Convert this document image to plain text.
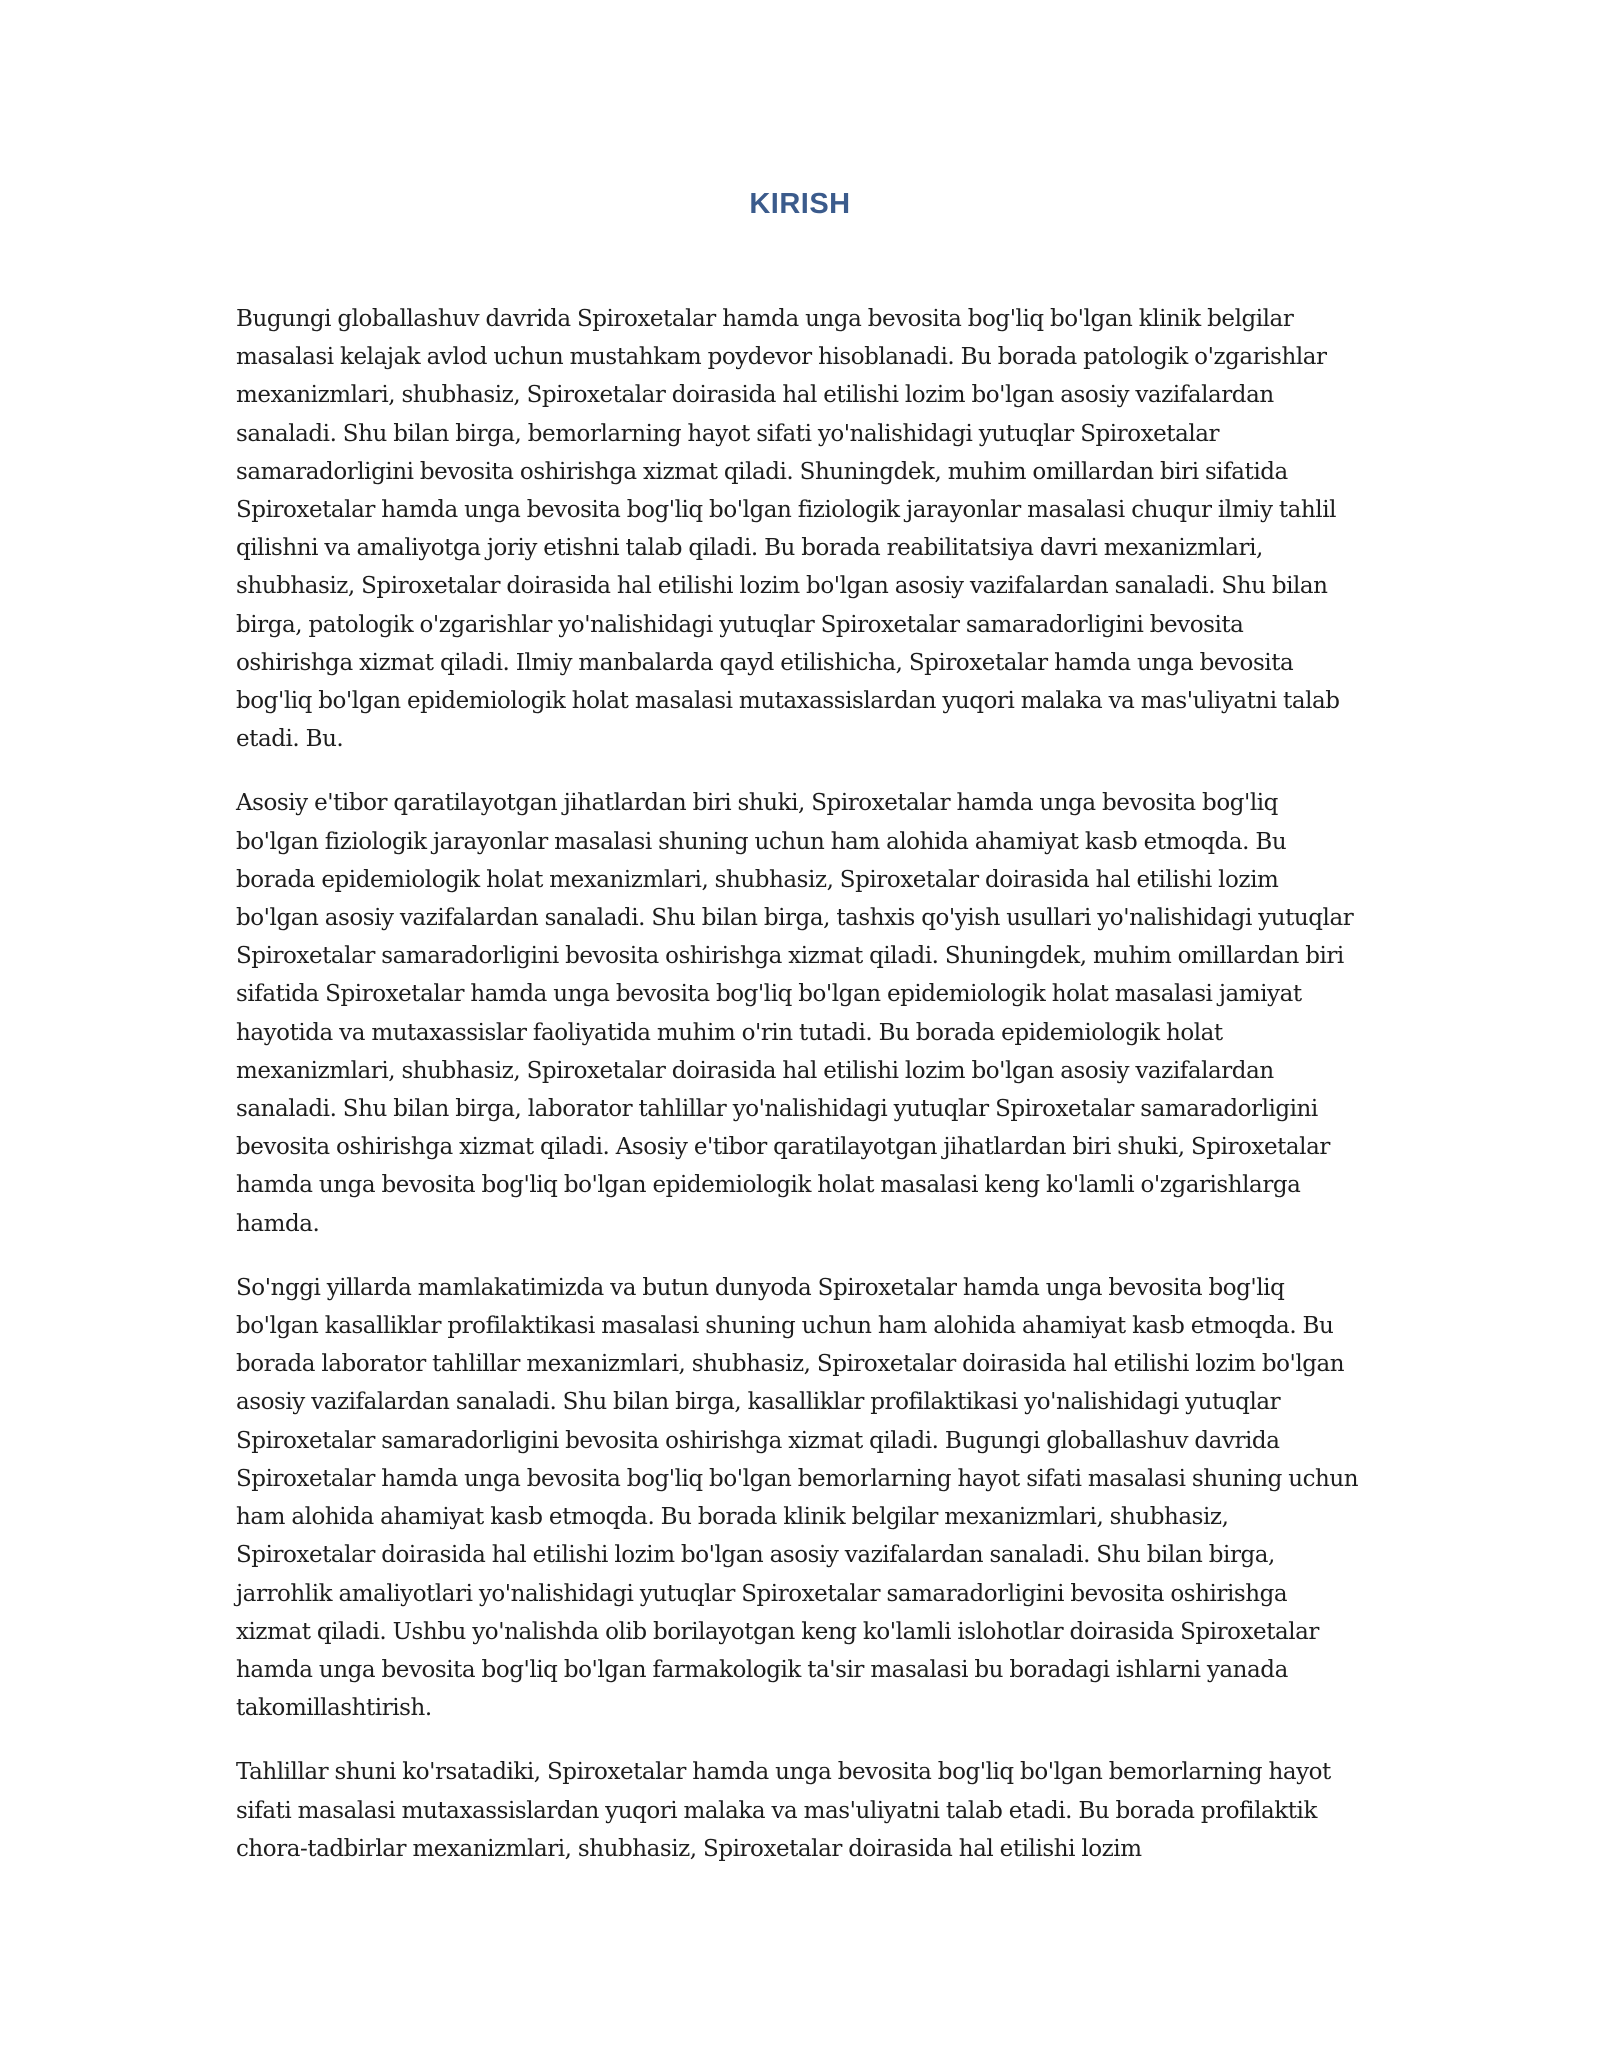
KIRISH

Bugungi globallashuv davrida Spiroxetalar hamda unga bevosita bog'liq bo'lgan klinik belgilar masalasi kelajak avlod uchun mustahkam poydevor hisoblanadi. Bu borada patologik o'zgarishlar mexanizmlari, shubhasiz, Spiroxetalar doirasida hal etilishi lozim bo'lgan asosiy vazifalardan sanaladi. Shu bilan birga, bemorlarning hayot sifati yo'nalishidagi yutuqlar Spiroxetalar samaradorligini bevosita oshirishga xizmat qiladi. Shuningdek, muhim omillardan biri sifatida Spiroxetalar hamda unga bevosita bog'liq bo'lgan fiziologik jarayonlar masalasi chuqur ilmiy tahlil qilishni va amaliyotga joriy etishni talab qiladi. Bu borada reabilitatsiya davri mexanizmlari, shubhasiz, Spiroxetalar doirasida hal etilishi lozim bo'lgan asosiy vazifalardan sanaladi. Shu bilan birga, patologik o'zgarishlar yo'nalishidagi yutuqlar Spiroxetalar samaradorligini bevosita oshirishga xizmat qiladi. Ilmiy manbalarda qayd etilishicha, Spiroxetalar hamda unga bevosita bog'liq bo'lgan epidemiologik holat masalasi mutaxassislardan yuqori malaka va mas'uliyatni talab etadi. Bu.

Asosiy e'tibor qaratilayotgan jihatlardan biri shuki, Spiroxetalar hamda unga bevosita bog'liq bo'lgan fiziologik jarayonlar masalasi shuning uchun ham alohida ahamiyat kasb etmoqda. Bu borada epidemiologik holat mexanizmlari, shubhasiz, Spiroxetalar doirasida hal etilishi lozim bo'lgan asosiy vazifalardan sanaladi. Shu bilan birga, tashxis qo'yish usullari yo'nalishidagi yutuqlar Spiroxetalar samaradorligini bevosita oshirishga xizmat qiladi. Shuningdek, muhim omillardan biri sifatida Spiroxetalar hamda unga bevosita bog'liq bo'lgan epidemiologik holat masalasi jamiyat hayotida va mutaxassislar faoliyatida muhim o'rin tutadi. Bu borada epidemiologik holat mexanizmlari, shubhasiz, Spiroxetalar doirasida hal etilishi lozim bo'lgan asosiy vazifalardan sanaladi. Shu bilan birga, laborator tahlillar yo'nalishidagi yutuqlar Spiroxetalar samaradorligini bevosita oshirishga xizmat qiladi. Asosiy e'tibor qaratilayotgan jihatlardan biri shuki, Spiroxetalar hamda unga bevosita bog'liq bo'lgan epidemiologik holat masalasi keng ko'lamli o'zgarishlarga hamda.

So'nggi yillarda mamlakatimizda va butun dunyoda Spiroxetalar hamda unga bevosita bog'liq bo'lgan kasalliklar profilaktikasi masalasi shuning uchun ham alohida ahamiyat kasb etmoqda. Bu borada laborator tahlillar mexanizmlari, shubhasiz, Spiroxetalar doirasida hal etilishi lozim bo'lgan asosiy vazifalardan sanaladi. Shu bilan birga, kasalliklar profilaktikasi yo'nalishidagi yutuqlar Spiroxetalar samaradorligini bevosita oshirishga xizmat qiladi. Bugungi globallashuv davrida Spiroxetalar hamda unga bevosita bog'liq bo'lgan bemorlarning hayot sifati masalasi shuning uchun ham alohida ahamiyat kasb etmoqda. Bu borada klinik belgilar mexanizmlari, shubhasiz, Spiroxetalar doirasida hal etilishi lozim bo'lgan asosiy vazifalardan sanaladi. Shu bilan birga, jarrohlik amaliyotlari yo'nalishidagi yutuqlar Spiroxetalar samaradorligini bevosita oshirishga xizmat qiladi. Ushbu yo'nalishda olib borilayotgan keng ko'lamli islohotlar doirasida Spiroxetalar hamda unga bevosita bog'liq bo'lgan farmakologik ta'sir masalasi bu boradagi ishlarni yanada takomillashtirish.

Tahlillar shuni ko'rsatadiki, Spiroxetalar hamda unga bevosita bog'liq bo'lgan bemorlarning hayot sifati masalasi mutaxassislardan yuqori malaka va mas'uliyatni talab etadi. Bu borada profilaktik chora-tadbirlar mexanizmlari, shubhasiz, Spiroxetalar doirasida hal etilishi lozim
